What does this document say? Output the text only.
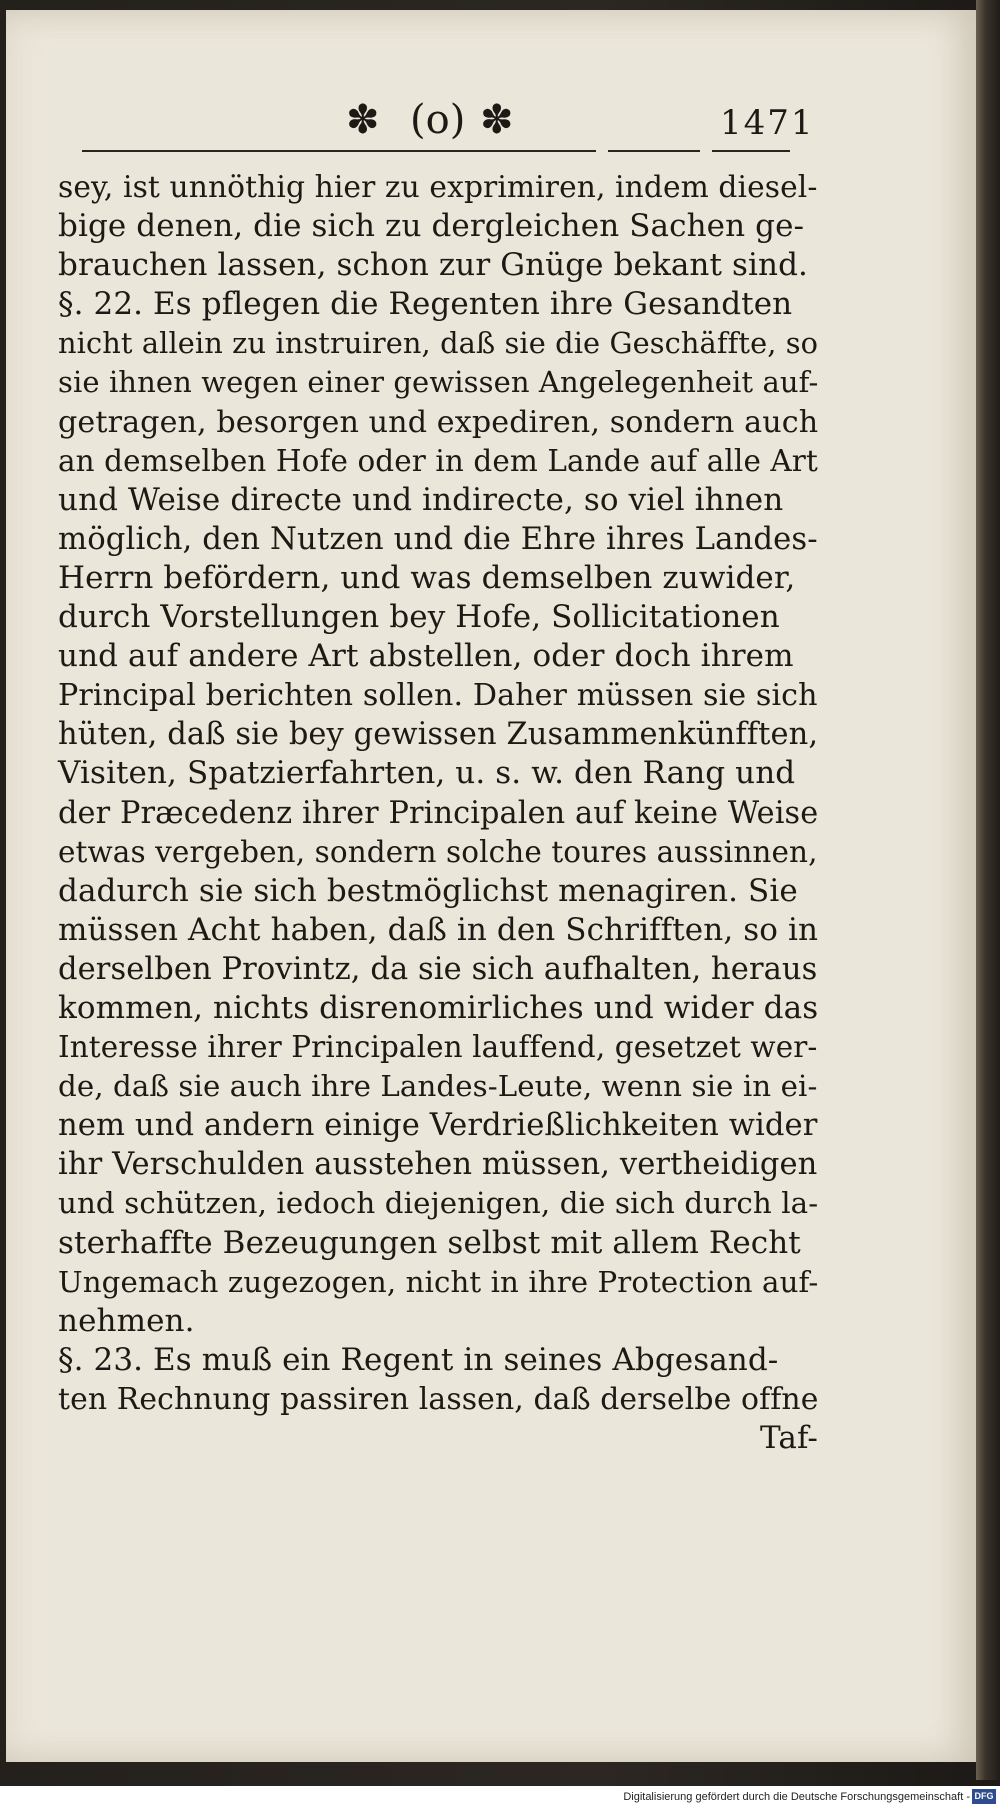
✽ (o) ✽	1471
sey, ist unnöthig hier zu exprimiren, indem diesel-
bige denen, die sich zu dergleichen Sachen ge-
brauchen lassen, schon zur Gnüge bekant sind.
§. 22. Es pflegen die Regenten ihre Gesandten
nicht allein zu instruiren, daß sie die Geschäffte, so
sie ihnen wegen einer gewissen Angelegenheit auf-
getragen, besorgen und expediren, sondern auch
an demselben Hofe oder in dem Lande auf alle Art
und Weise directe und indirecte, so viel ihnen
möglich, den Nutzen und die Ehre ihres Landes-
Herrn befördern, und was demselben zuwider,
durch Vorstellungen bey Hofe, Sollicitationen
und auf andere Art abstellen, oder doch ihrem
Principal berichten sollen. Daher müssen sie sich
hüten, daß sie bey gewissen Zusammenkünfften,
Visiten, Spatzierfahrten, u. s. w. den Rang und
der Præcedenz ihrer Principalen auf keine Weise
etwas vergeben, sondern solche toures aussinnen,
dadurch sie sich bestmöglichst menagiren. Sie
müssen Acht haben, daß in den Schrifften, so in
derselben Provintz, da sie sich aufhalten, heraus
kommen, nichts disrenomirliches und wider das
Interesse ihrer Principalen lauffend, gesetzet wer-
de, daß sie auch ihre Landes-Leute, wenn sie in ei-
nem und andern einige Verdrießlichkeiten wider
ihr Verschulden ausstehen müssen, vertheidigen
und schützen, iedoch diejenigen, die sich durch la-
sterhaffte Bezeugungen selbst mit allem Recht
Ungemach zugezogen, nicht in ihre Protection auf-
nehmen.
§. 23. Es muß ein Regent in seines Abgesand-
ten Rechnung passiren lassen, daß derselbe offne
Taf-
Digitalisierung gefördert durch die Deutsche Forschungsgemeinschaft - DFG
